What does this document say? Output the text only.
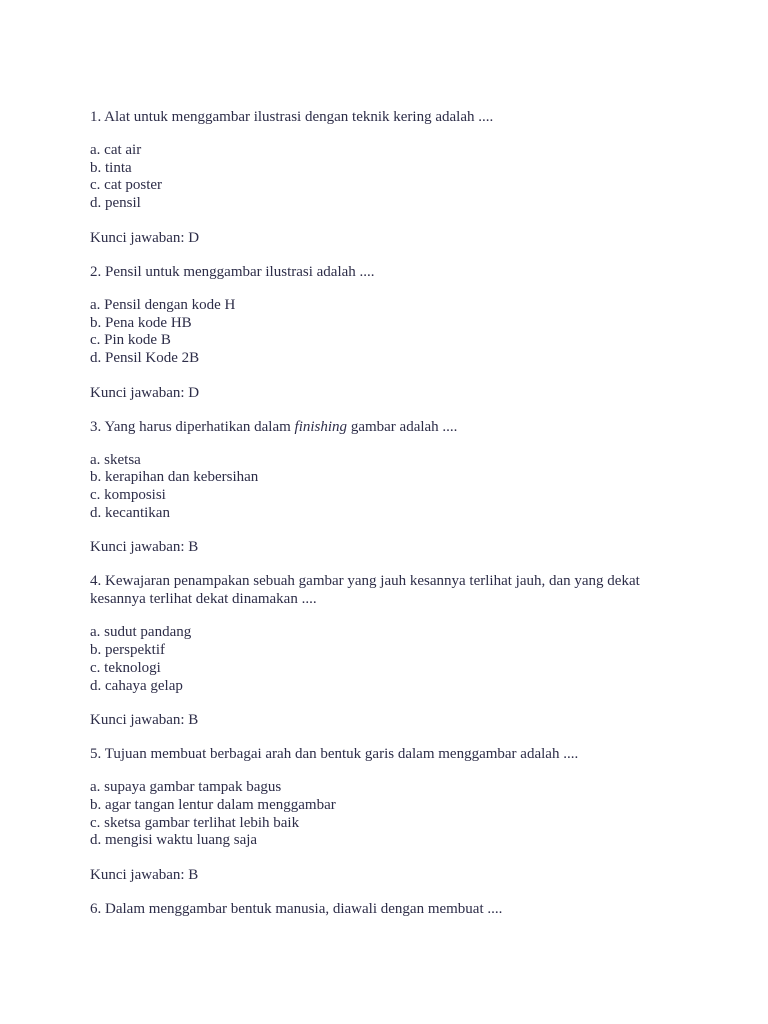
1. Alat untuk menggambar ilustrasi dengan teknik kering adalah ....

a. cat air
b. tinta
c. cat poster
d. pensil

Kunci jawaban: D

2. Pensil untuk menggambar ilustrasi adalah ....

a. Pensil dengan kode H
b. Pena kode HB
c. Pin kode B
d. Pensil Kode 2B

Kunci jawaban: D

3. Yang harus diperhatikan dalam finishing gambar adalah ....

a. sketsa
b. kerapihan dan kebersihan
c. komposisi
d. kecantikan

Kunci jawaban: B

4. Kewajaran penampakan sebuah gambar yang jauh kesannya terlihat jauh, dan yang dekat kesannya terlihat dekat dinamakan ....

a. sudut pandang
b. perspektif
c. teknologi
d. cahaya gelap

Kunci jawaban: B

5. Tujuan membuat berbagai arah dan bentuk garis dalam menggambar adalah ....

a. supaya gambar tampak bagus
b. agar tangan lentur dalam menggambar
c. sketsa gambar terlihat lebih baik
d. mengisi waktu luang saja

Kunci jawaban: B

6. Dalam menggambar bentuk manusia, diawali dengan membuat ....
